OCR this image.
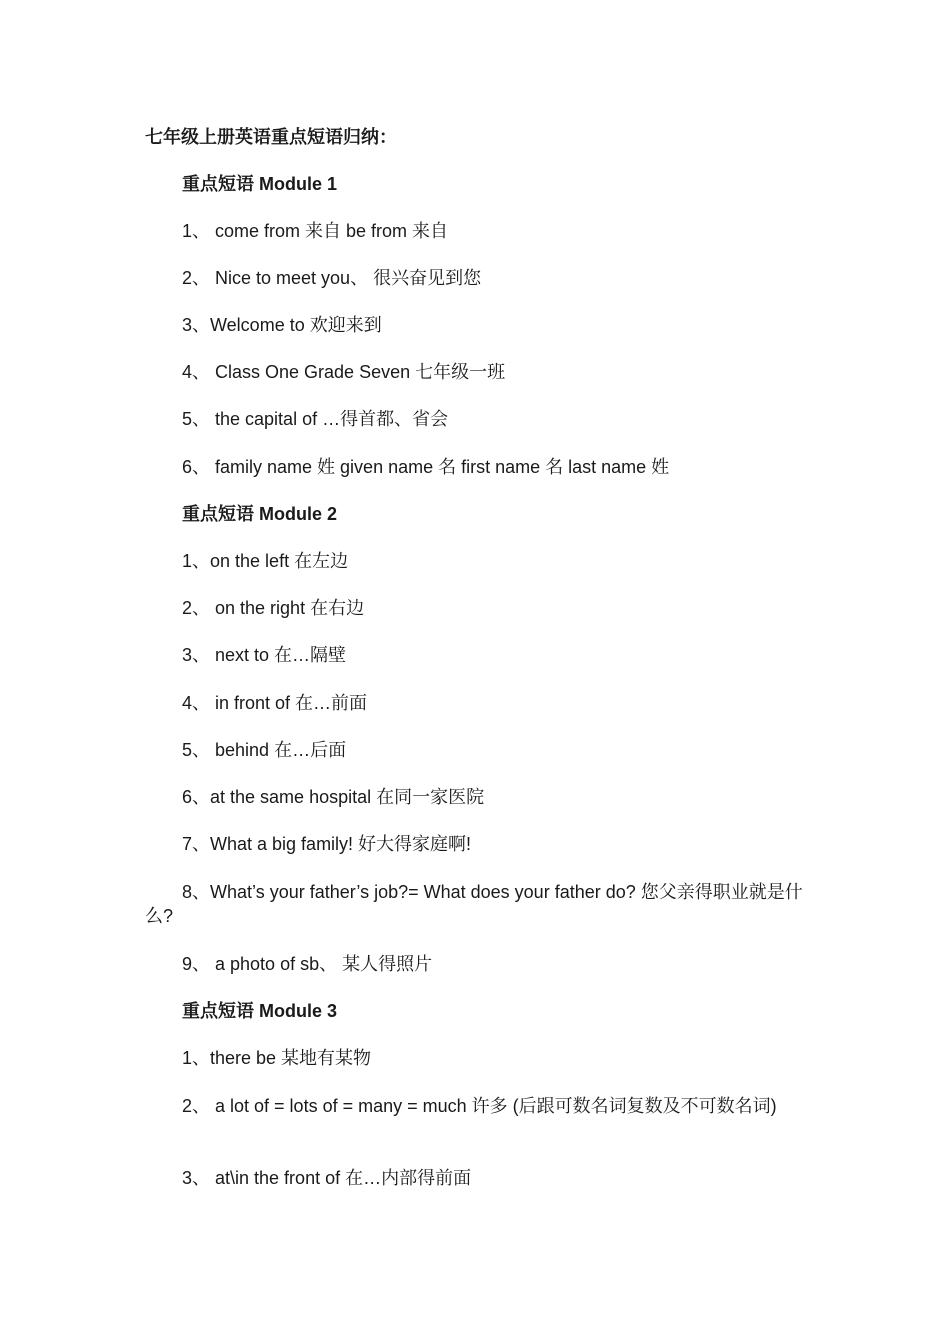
七年级上册英语重点短语归纳：
重点短语 Module 1
1、 come from 来自 be from 来自
2、 Nice to meet you、 很兴奋见到您
3、Welcome to 欢迎来到
4、 Class One Grade Seven 七年级一班
5、 the capital of …得首都、省会
6、 family name 姓 given name 名 first name 名 last name 姓
重点短语 Module 2
1、on the left 在左边
2、 on the right 在右边
3、 next to 在…隔壁
4、 in front of 在…前面
5、 behind 在…后面
6、at the same hospital 在同一家医院
7、What a big family! 好大得家庭啊!
8、What’s your father’s job?= What does your father do? 您父亲得职业就是什么?
9、 a photo of sb、 某人得照片
重点短语 Module 3
1、there be 某地有某物
2、 a lot of = lots of = many = much 许多 (后跟可数名词复数及不可数名词)
3、 at\in the front of 在…内部得前面
